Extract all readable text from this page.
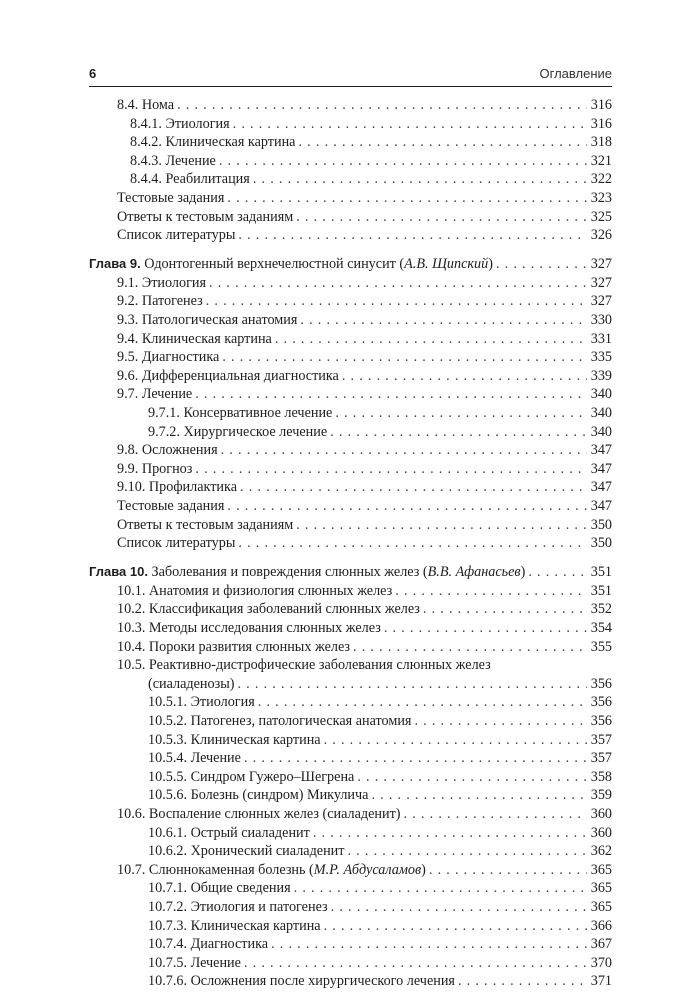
6	Оглавление
8.4. Нома . . .	316
8.4.1. Этиология . . .	316
8.4.2. Клиническая картина . . .	318
8.4.3. Лечение . . .	321
8.4.4. Реабилитация . . .	322
Тестовые задания . . .	323
Ответы к тестовым заданиям . . .	325
Список литературы . . .	326
Глава 9. Одонтогенный верхнечелюстной синусит (А.В. Щипский) . . .	327
9.1. Этиология . . .	327
9.2. Патогенез . . .	327
9.3. Патологическая анатомия . . .	330
9.4. Клиническая картина . . .	331
9.5. Диагностика . . .	335
9.6. Дифференциальная диагностика . . .	339
9.7. Лечение . . .	340
9.7.1. Консервативное лечение . . .	340
9.7.2. Хирургическое лечение . . .	340
9.8. Осложнения . . .	347
9.9. Прогноз . . .	347
9.10. Профилактика . . .	347
Тестовые задания . . .	347
Ответы к тестовым заданиям . . .	350
Список литературы . . .	350
Глава 10. Заболевания и повреждения слюнных желез (В.В. Афанасьев) . . .	351
10.1. Анатомия и физиология слюнных желез . . .	351
10.2. Классификация заболеваний слюнных желез . . .	352
10.3. Методы исследования слюнных желез . . .	354
10.4. Пороки развития слюнных желез . . .	355
10.5. Реактивно-дистрофические заболевания слюнных желез
(сиаладенозы) . . .	356
10.5.1. Этиология . . .	356
10.5.2. Патогенез, патологическая анатомия . . .	356
10.5.3. Клиническая картина . . .	357
10.5.4. Лечение . . .	357
10.5.5. Синдром Гужеро–Шегрена . . .	358
10.5.6. Болезнь (синдром) Микулича . . .	359
10.6. Воспаление слюнных желез (сиаладенит) . . .	360
10.6.1. Острый сиаладенит . . .	360
10.6.2. Хронический сиаладенит . . .	362
10.7. Слюннокаменная болезнь (М.Р. Абдусаламов) . . .	365
10.7.1. Общие сведения . . .	365
10.7.2. Этиология и патогенез . . .	365
10.7.3. Клиническая картина . . .	366
10.7.4. Диагностика . . .	367
10.7.5. Лечение . . .	370
10.7.6. Осложнения после хирургического лечения . . .	371
